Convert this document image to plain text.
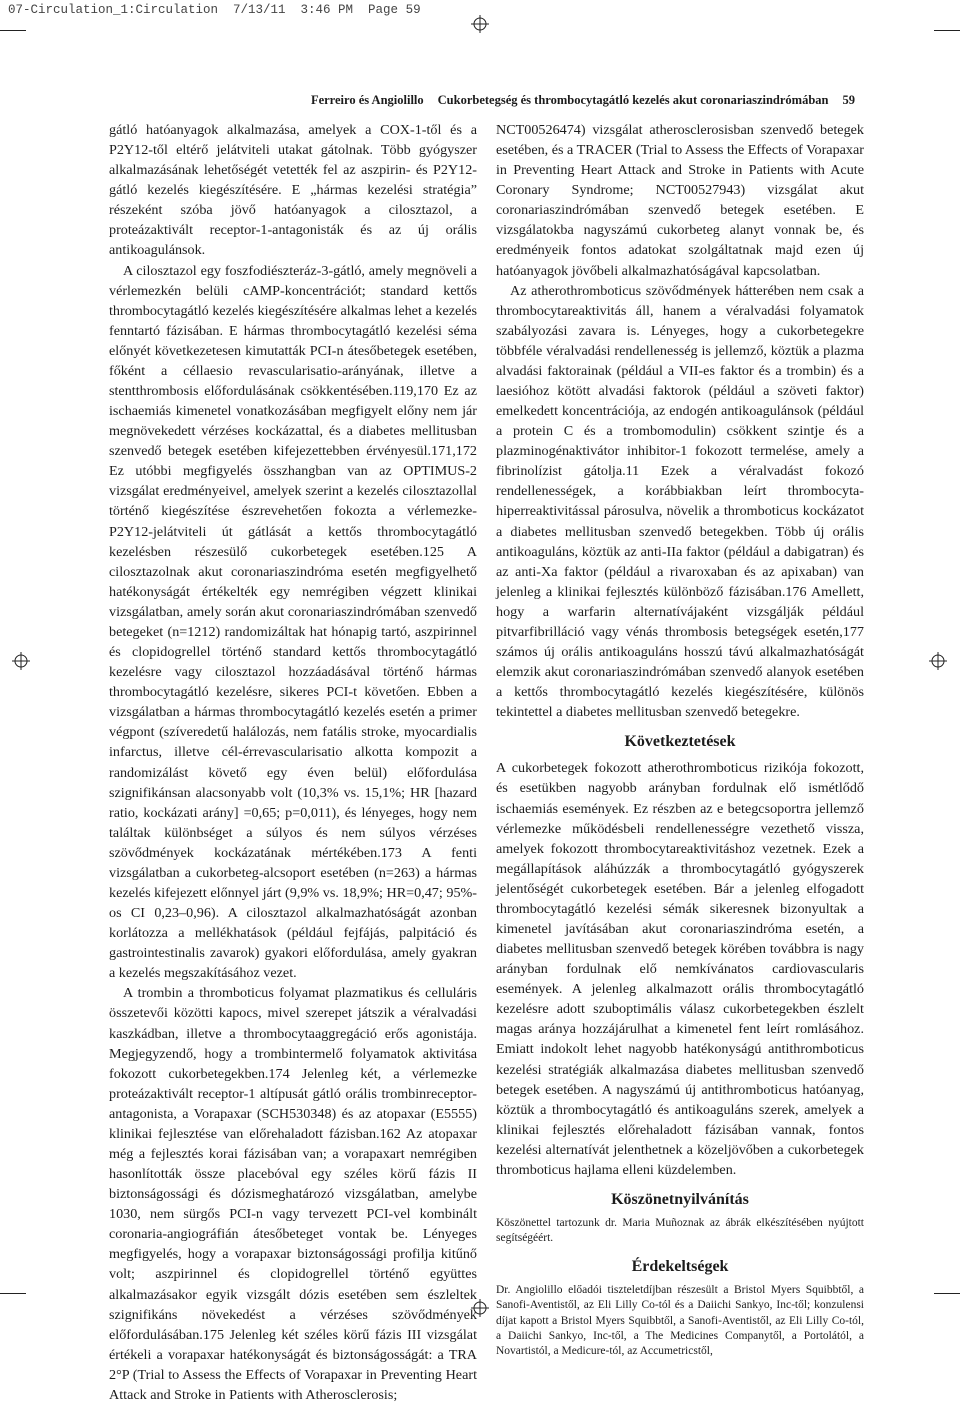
07-Circulation_1:Circulation  7/13/11  3:46 PM  Page 59
Ferreiro és Angiolillo Cukorbetegség és thrombocytagátló kezelés akut coronariaszindrómában 59

gátló hatóanyagok alkalmazása, amelyek a COX-1-től és a P2Y12-től eltérő jelátviteli utakat gátolnak. Több gyógyszer alkalmazásának lehetőségét vetették fel az aszpirin- és P2Y12-gátló kezelés kiegészítésére. E „hármas kezelési stratégia” részeként szóba jövő hatóanyagok a cilosztazol, a proteázaktivált receptor-1-antagonisták és az új orális antikoagulánsok.

A cilosztazol egy foszfodiészteráz-3-gátló, amely megnöveli a vérlemezkén belüli cAMP-koncentrációt; standard kettős thrombocytagátló kezelés kiegészítésére alkalmas lehet a kezelés fenntartó fázisában. E hármas thrombocytagátló kezelési séma előnyét következetesen kimutatták PCI-n átesőbetegek esetében, főként a céllaesio revascularisatio-arányának, illetve a stentthrombosis előfordulásának csökkentésében.119,170 Ez az ischaemiás kimenetel vonatkozásában megfigyelt előny nem jár megnövekedett vérzéses kockázattal, és a diabetes mellitusban szenvedő betegek esetében kifejezettebben érvényesül.171,172 Ez utóbbi megfigyelés összhangban van az OPTIMUS-2 vizsgálat eredményeivel, amelyek szerint a kezelés cilosztazollal történő kiegészítése észrevehetően fokozta a vérlemezke-P2Y12-jelátviteli út gátlását a kettős thrombocytagátló kezelésben részesülő cukorbetegek esetében.125 A cilosztazolnak akut coronariaszindróma esetén megfigyelhető hatékonyságát értékelték egy nemrégiben végzett klinikai vizsgálatban, amely során akut coronariaszindrómában szenvedő betegeket (n=1212) randomizáltak hat hónapig tartó, aszpirinnel és clopidogrellel történő standard kettős thrombocytagátló kezelésre vagy cilosztazol hozzáadásával történő hármas thrombocytagátló kezelésre, sikeres PCI-t követően. Ebben a vizsgálatban a hármas thrombocytagátló kezelés esetén a primer végpont (szíveredetű halálozás, nem fatális stroke, myocardialis infarctus, illetve cél-érrevascularisatio alkotta kompozit a randomizálást követő egy éven belül) előfordulása szignifikánsan alacsonyabb volt (10,3% vs. 15,1%; HR [hazard ratio, kockázati arány] =0,65; p=0,011), és lényeges, hogy nem találtak különbséget a súlyos és nem súlyos vérzéses szövődmények kockázatának mértékében.173 A fenti vizsgálatban a cukorbeteg-alcsoport esetében (n=263) a hármas kezelés kifejezett előnnyel járt (9,9% vs. 18,9%; HR=0,47; 95%-os CI 0,23–0,96). A cilosztazol alkalmazhatóságát azonban korlátozza a mellékhatások (például fejfájás, palpitáció és gastrointestinalis zavarok) gyakori előfordulása, amely gyakran a kezelés megszakításához vezet.

A trombin a thromboticus folyamat plazmatikus és celluláris összetevői közötti kapocs, mivel szerepet játszik a véralvadási kaszkádban, illetve a thrombocytaaggregáció erős agonistája. Megjegyzendő, hogy a trombintermelő folyamatok aktivitása fokozott cukorbetegekben.174 Jelenleg két, a vérlemezke proteázaktivált receptor-1 altípusát gátló orális trombinreceptor-antagonista, a Vorapaxar (SCH530348) és az atopaxar (E5555) klinikai fejlesztése van előrehaladott fázisban.162 Az atopaxar még a fejlesztés korai fázisában van; a vorapaxart nemrégiben hasonlították össze placebóval egy széles körű fázis II biztonságossági és dózismeghatározó vizsgálatban, amelybe 1030, nem sürgős PCI-n vagy tervezett PCI-vel kombinált coronaria-angiográfián átesőbeteget vontak be. Lényeges megfigyelés, hogy a vorapaxar biztonságossági profilja kitűnő volt; aszpirinnel és clopidogrellel történő együttes alkalmazásakor egyik vizsgált dózis esetében sem észleltek szignifikáns növekedést a vérzéses szövődmények előfordulásában.175 Jelenleg két széles körű fázis III vizsgálat értékeli a vorapaxar hatékonyságát és biztonságosságát: a TRA 2°P (Trial to Assess the Effects of Vorapaxar in Preventing Heart Attack and Stroke in Patients with Atherosclerosis;

NCT00526474) vizsgálat atherosclerosisban szenvedő betegek esetében, és a TRACER (Trial to Assess the Effects of Vorapaxar in Preventing Heart Attack and Stroke in Patients with Acute Coronary Syndrome; NCT00527943) vizsgálat akut coronariaszindrómában szenvedő betegek esetében. E vizsgálatokba nagyszámú cukorbeteg alanyt vonnak be, és eredményeik fontos adatokat szolgáltatnak majd ezen új hatóanyagok jövőbeli alkalmazhatóságával kapcsolatban.

Az atherothromboticus szövődmények hátterében nem csak a thrombocytareaktivitás áll, hanem a véralvadási folyamatok szabályozási zavara is. Lényeges, hogy a cukorbetegekre többféle véralvadási rendellenesség is jellemző, köztük a plazma alvadási faktorainak (például a VII-es faktor és a trombin) és a laesióhoz kötött alvadási faktorok (például a szöveti faktor) emelkedett koncentrációja, az endogén antikoagulánsok (például a protein C és a trombomodulin) csökkent szintje és a plazminogénaktivátor inhibitor-1 fokozott termelése, amely a fibrinolízist gátolja.11 Ezek a véralvadást fokozó rendellenességek, a korábbiakban leírt thrombocyta-hiperreaktivitással párosulva, növelik a thromboticus kockázatot a diabetes mellitusban szenvedő betegekben. Több új orális antikoaguláns, köztük az anti-IIa faktor (például a dabigatran) és az anti-Xa faktor (például a rivaroxaban és az apixaban) van jelenleg a klinikai fejlesztés különböző fázisában.176 Amellett, hogy a warfarin alternatívájaként vizsgálják például pitvarfibrilláció vagy vénás thrombosis betegségek esetén,177 számos új orális antikoaguláns hosszú távú alkalmazhatóságát elemzik akut coronariaszindrómában szenvedő alanyok esetében a kettős thrombocytagátló kezelés kiegészítésére, különös tekintettel a diabetes mellitusban szenvedő betegekre.

Következtetések

A cukorbetegek fokozott atherothromboticus rizikója fokozott, és esetükben nagyobb arányban fordulnak elő ismétlődő ischaemiás események. Ez részben az e betegcsoportra jellemző vérlemezke működésbeli rendellenességre vezethető vissza, amelyek fokozott thrombocytareaktivitáshoz vezetnek. Ezek a megállapítások aláhúzzák a thrombocytagátló gyógyszerek jelentőségét cukorbetegek esetében. Bár a jelenleg elfogadott thrombocytagátló kezelési sémák sikeresnek bizonyultak a kimenetel javításában akut coronariaszindróma esetén, a diabetes mellitusban szenvedő betegek körében továbbra is nagy arányban fordulnak elő nemkívánatos cardiovascularis események. A jelenleg alkalmazott orális thrombocytagátló kezelésre adott szuboptimális válasz cukorbetegekben észlelt magas aránya hozzájárulhat a kimenetel fent leírt romlásához. Emiatt indokolt lehet nagyobb hatékonyságú antithromboticus kezelési stratégiák alkalmazása diabetes mellitusban szenvedő betegek esetében. A nagyszámú új antithromboticus hatóanyag, köztük a thrombocytagátló és antikoaguláns szerek, amelyek a klinikai fejlesztés előrehaladott fázisában vannak, fontos kezelési alternatívát jelenthetnek a közeljövőben a cukorbetegek thromboticus hajlama elleni küzdelemben.

Köszönetnyilvánítás

Köszönettel tartozunk dr. Maria Muñoznak az ábrák elkészítésében nyújtott segítségéért.

Érdekeltségek

Dr. Angiolillo előadói tiszteletdíjban részesült a Bristol Myers Squibbtől, a Sanofi-Aventistől, az Eli Lilly Co-tól és a Daiichi Sankyo, Inc-től; konzulensi díjat kapott a Bristol Myers Squibbtől, a Sanofi-Aventistől, az Eli Lilly Co-tól, a Daiichi Sankyo, Inc-től, a The Medicines Companytől, a Portolától, a Novartistól, a Medicure-tól, az Accumetricstől,
